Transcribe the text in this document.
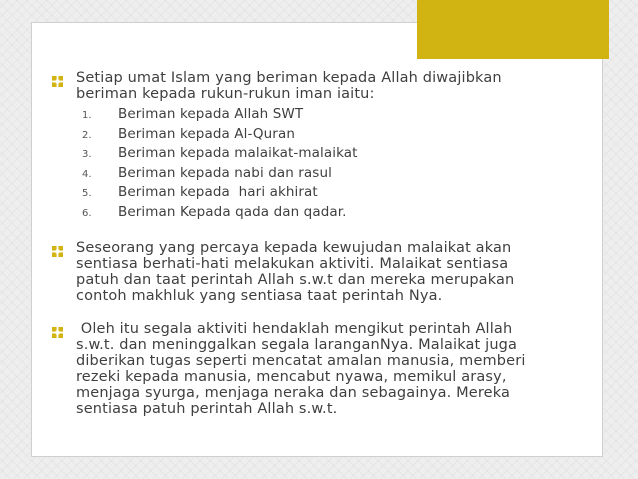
Setiap umat Islam yang beriman kepada Allah diwajibkan
beriman kepada rukun-rukun iman iaitu:
1.	Beriman kepada Allah SWT
2.	Beriman kepada Al-Quran
3.	Beriman kepada malaikat-malaikat
4.	Beriman kepada nabi dan rasul
5.	Beriman kepada  hari akhirat
6.	Beriman Kepada qada dan qadar.
Seseorang yang percaya kepada kewujudan malaikat akan
sentiasa berhati-hati melakukan aktiviti. Malaikat sentiasa
patuh dan taat perintah Allah s.w.t dan mereka merupakan
contoh makhluk yang sentiasa taat perintah Nya.
Oleh itu segala aktiviti hendaklah mengikut perintah Allah
s.w.t. dan meninggalkan segala laranganNya. Malaikat juga
diberikan tugas seperti mencatat amalan manusia, memberi
rezeki kepada manusia, mencabut nyawa, memikul arasy,
menjaga syurga, menjaga neraka dan sebagainya. Mereka
sentiasa patuh perintah Allah s.w.t.
